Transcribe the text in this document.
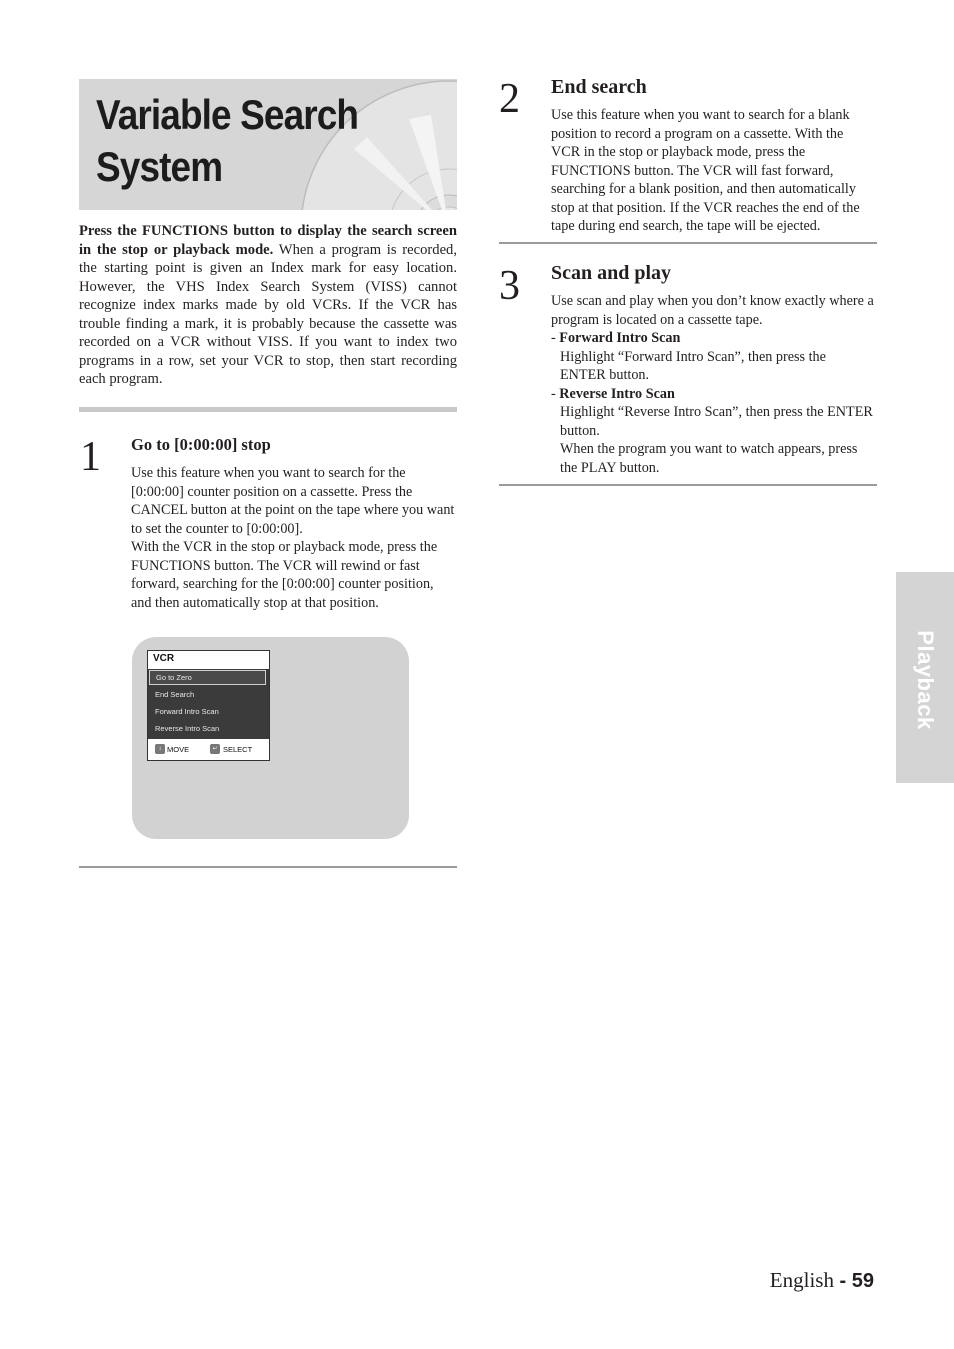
Variable Search
System

Press the FUNCTIONS button to display the search screen in the stop or playback mode. When a program is recorded, the starting point is given an Index mark for easy location. However, the VHS Index Search System (VISS) cannot recognize index marks made by old VCRs. If the VCR has trouble finding a mark, it is probably because the cassette was recorded on a VCR without VISS. If you want to index two programs in a row, set your VCR to stop, then start recording each program.

1 Go to [0:00:00] stop

Use this feature when you want to search for the [0:00:00] counter position on a cassette. Press the CANCEL button at the point on the tape where you want to set the counter to [0:00:00].

With the VCR in the stop or playback mode, press the FUNCTIONS button. The VCR will rewind or fast forward, searching for the [0:00:00] counter position, and then automatically stop at that position.

VCR
Go to Zero
End Search
Forward Intro Scan
Reverse Intro Scan
↕ MOVE	↵ SELECT
2 End search

Use this feature when you want to search for a blank position to record a program on a cassette. With the VCR in the stop or playback mode, press the FUNCTIONS button. The VCR will fast forward, searching for a blank position, and then automatically stop at that position. If the VCR reaches the end of the tape during end search, the tape will be ejected.

3 Scan and play

Use scan and play when you don’t know exactly where a program is located on a cassette tape.

- Forward Intro Scan

Highlight “Forward Intro Scan”, then press the ENTER button.

- Reverse Intro Scan

Highlight “Reverse Intro Scan”, then press the ENTER button.

When the program you want to watch appears, press the PLAY button.

Playback
English - 59
